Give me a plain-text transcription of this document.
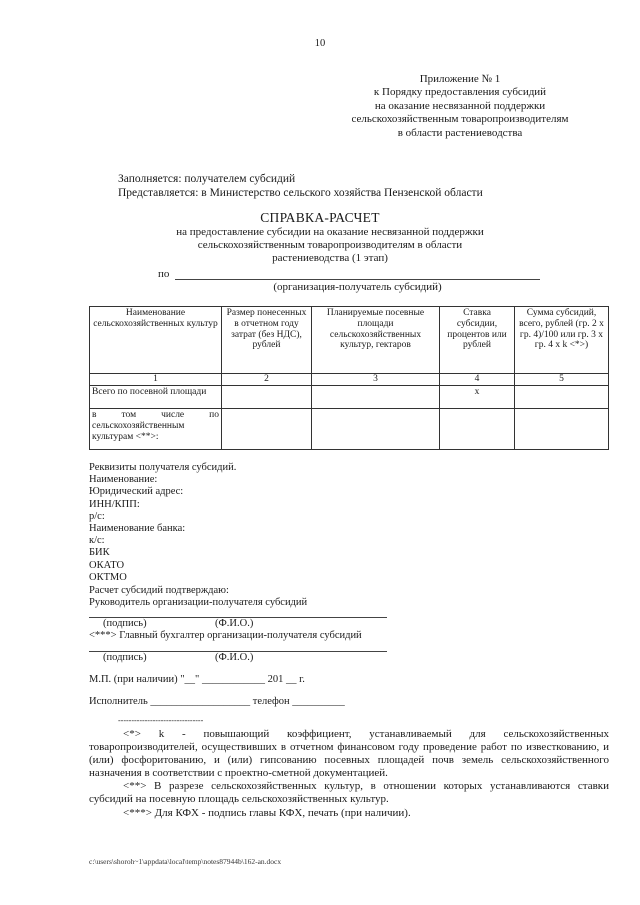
10
Приложение № 1
к Порядку предоставления субсидий
на оказание несвязанной поддержки
сельскохозяйственным товаропроизводителям
в области растениеводства
Заполняется: получателем субсидий
Представляется: в Министерство сельского хозяйства Пензенской области
СПРАВКА-РАСЧЕТ
на предоставление субсидии на оказание несвязанной поддержки
сельскохозяйственным товаропроизводителям в области
растениеводства (1 этап)
по
(организация-получатель субсидий)
Наименование сельскохозяйственных культур	Размер понесенных в отчетном году затрат (без НДС), рублей	Планируемые посевные площади сельскохозяйственных культур, гектаров	Ставка субсидии, процентов или рублей	Сумма субсидий, всего, рублей (гр. 2 x гр. 4)/100 или гр. 3 x гр. 4 x k <*>)
1	2	3	4	5
Всего по посевной площади			x	
в том числе по сельскохозяйственным культурам <**>:				
Реквизиты получателя субсидий.
Наименование:
Юридический адрес:
ИНН/КПП:
р/с:
Наименование банка:
к/с:
БИК
ОКАТО
ОКТМО
Расчет субсидий подтверждаю:
Руководитель организации-получателя субсидий
(подпись)	(Ф.И.О.)
<***> Главный бухгалтер организации-получателя субсидий
(подпись)	(Ф.И.О.)
М.П. (при наличии) "__" ____________ 201 __ г.
Исполнитель ___________________ телефон __________
--------------------------------

<*> k - повышающий коэффициент, устанавливаемый для сельскохозяйственных товаропроизводителей, осуществивших в отчетном финансовом году проведение работ по известкованию, и (или) фосфоритованию, и (или) гипсованию посевных площадей почв земель сельскохозяйственного назначения в соответствии с проектно-сметной документацией.

<**> В разрезе сельскохозяйственных культур, в отношении которых устанавливаются ставки субсидий на посевную площадь сельскохозяйственных культур.

<***> Для КФХ - подпись главы КФХ, печать (при наличии).

c:\users\shoroh~1\appdata\local\temp\notes87944b\162-an.docx
